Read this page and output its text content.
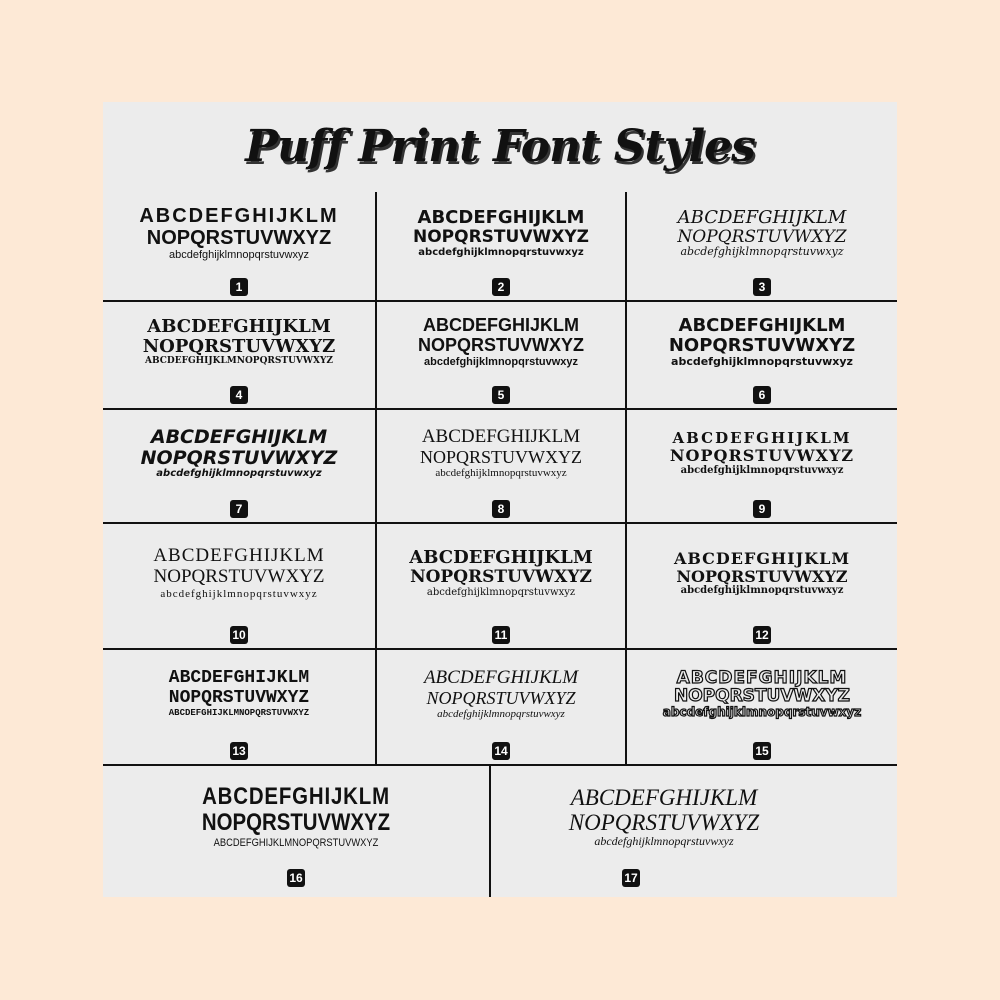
Puff Print Font Styles
ABCDEFGHIJKLM
NOPQRSTUVWXYZ
abcdefghijklmnopqrstuvwxyz
1
ABCDEFGHIJKLM
NOPQRSTUVWXYZ
abcdefghijklmnopqrstuvwxyz
2
ABCDEFGHIJKLM
NOPQRSTUVWXYZ
abcdefghijklmnopqrstuvwxyz
3
ABCDEFGHIJKLM
NOPQRSTUVWXYZ
ABCDEFGHIJKLMNOPQRSTUVWXYZ
4
ABCDEFGHIJKLM
NOPQRSTUVWXYZ
abcdefghijklmnopqrstuvwxyz
5
ABCDEFGHIJKLM
NOPQRSTUVWXYZ
abcdefghijklmnopqrstuvwxyz
6
ABCDEFGHIJKLM
NOPQRSTUVWXYZ
abcdefghijklmnopqrstuvwxyz
7
ABCDEFGHIJKLM
NOPQRSTUVWXYZ
abcdefghijklmnopqrstuvwxyz
8
ABCDEFGHIJKLM
NOPQRSTUVWXYZ
abcdefghijklmnopqrstuvwxyz
9
ABCDEFGHIJKLM
NOPQRSTUVWXYZ
abcdefghijklmnopqrstuvwxyz
10
ABCDEFGHIJKLM
NOPQRSTUVWXYZ
abcdefghijklmnopqrstuvwxyz
11
ABCDEFGHIJKLM
NOPQRSTUVWXYZ
abcdefghijklmnopqrstuvwxyz
12
ABCDEFGHIJKLM
NOPQRSTUVWXYZ
ABCDEFGHIJKLMNOPQRSTUVWXYZ
13
ABCDEFGHIJKLM
NOPQRSTUVWXYZ
abcdefghijklmnopqrstuvwxyz
14
ABCDEFGHIJKLM
NOPQRSTUVWXYZ
abcdefghijklmnopqrstuvwxyz
15
ABCDEFGHIJKLM
NOPQRSTUVWXYZ
ABCDEFGHIJKLMNOPQRSTUVWXYZ
16
ABCDEFGHIJKLM
NOPQRSTUVWXYZ
abcdefghijklmnopqrstuvwxyz
17
